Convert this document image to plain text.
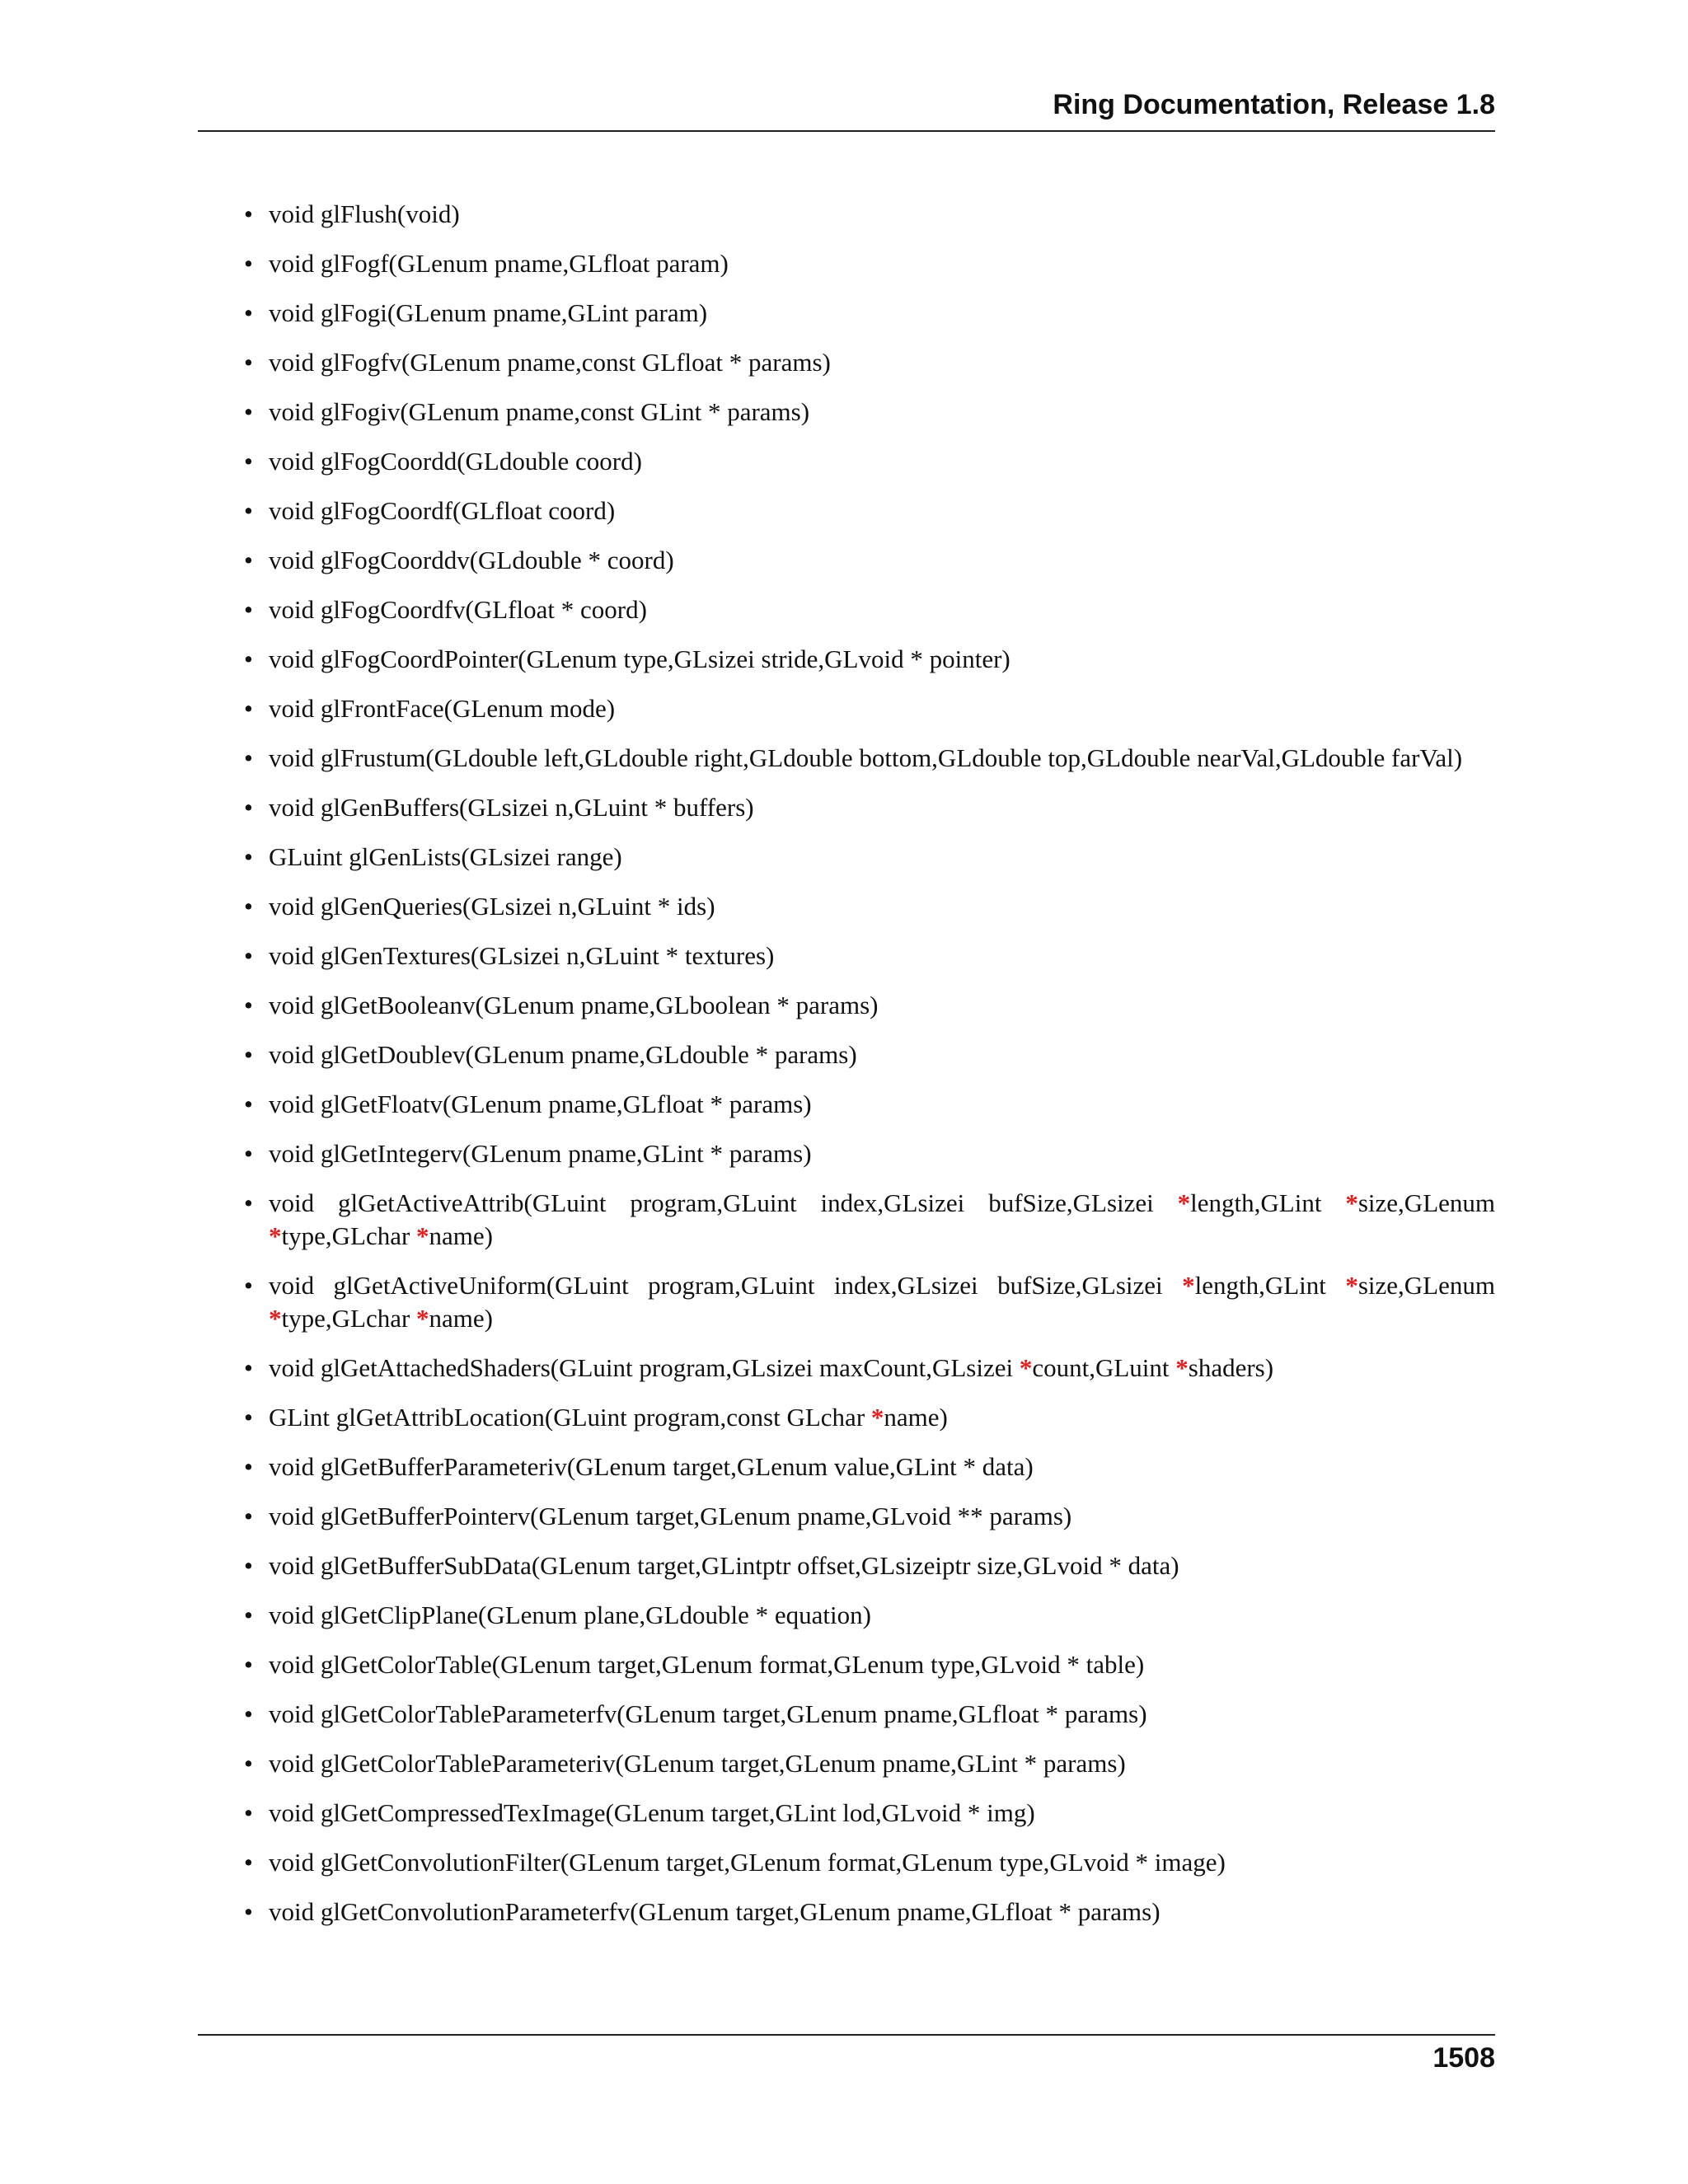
Ring Documentation, Release 1.8
• void glFlush(void)
• void glFogf(GLenum pname,GLfloat param)
• void glFogi(GLenum pname,GLint param)
• void glFogfv(GLenum pname,const GLfloat * params)
• void glFogiv(GLenum pname,const GLint * params)
• void glFogCoordd(GLdouble coord)
• void glFogCoordf(GLfloat coord)
• void glFogCoorddv(GLdouble * coord)
• void glFogCoordfv(GLfloat * coord)
• void glFogCoordPointer(GLenum type,GLsizei stride,GLvoid * pointer)
• void glFrontFace(GLenum mode)
• void glFrustum(GLdouble left,GLdouble right,GLdouble bottom,GLdouble top,GLdouble nearVal,GLdouble farVal)
• void glGenBuffers(GLsizei n,GLuint * buffers)
• GLuint glGenLists(GLsizei range)
• void glGenQueries(GLsizei n,GLuint * ids)
• void glGenTextures(GLsizei n,GLuint * textures)
• void glGetBooleanv(GLenum pname,GLboolean * params)
• void glGetDoublev(GLenum pname,GLdouble * params)
• void glGetFloatv(GLenum pname,GLfloat * params)
• void glGetIntegerv(GLenum pname,GLint * params)
• void glGetActiveAttrib(GLuint program,GLuint index,GLsizei bufSize,GLsizei *length,GLint *size,GLenum *type,GLchar *name)
• void glGetActiveUniform(GLuint program,GLuint index,GLsizei bufSize,GLsizei *length,GLint *size,GLenum *type,GLchar *name)
• void glGetAttachedShaders(GLuint program,GLsizei maxCount,GLsizei *count,GLuint *shaders)
• GLint glGetAttribLocation(GLuint program,const GLchar *name)
• void glGetBufferParameteriv(GLenum target,GLenum value,GLint * data)
• void glGetBufferPointerv(GLenum target,GLenum pname,GLvoid ** params)
• void glGetBufferSubData(GLenum target,GLintptr offset,GLsizeiptr size,GLvoid * data)
• void glGetClipPlane(GLenum plane,GLdouble * equation)
• void glGetColorTable(GLenum target,GLenum format,GLenum type,GLvoid * table)
• void glGetColorTableParameterfv(GLenum target,GLenum pname,GLfloat * params)
• void glGetColorTableParameteriv(GLenum target,GLenum pname,GLint * params)
• void glGetCompressedTexImage(GLenum target,GLint lod,GLvoid * img)
• void glGetConvolutionFilter(GLenum target,GLenum format,GLenum type,GLvoid * image)
• void glGetConvolutionParameterfv(GLenum target,GLenum pname,GLfloat * params)
1508
